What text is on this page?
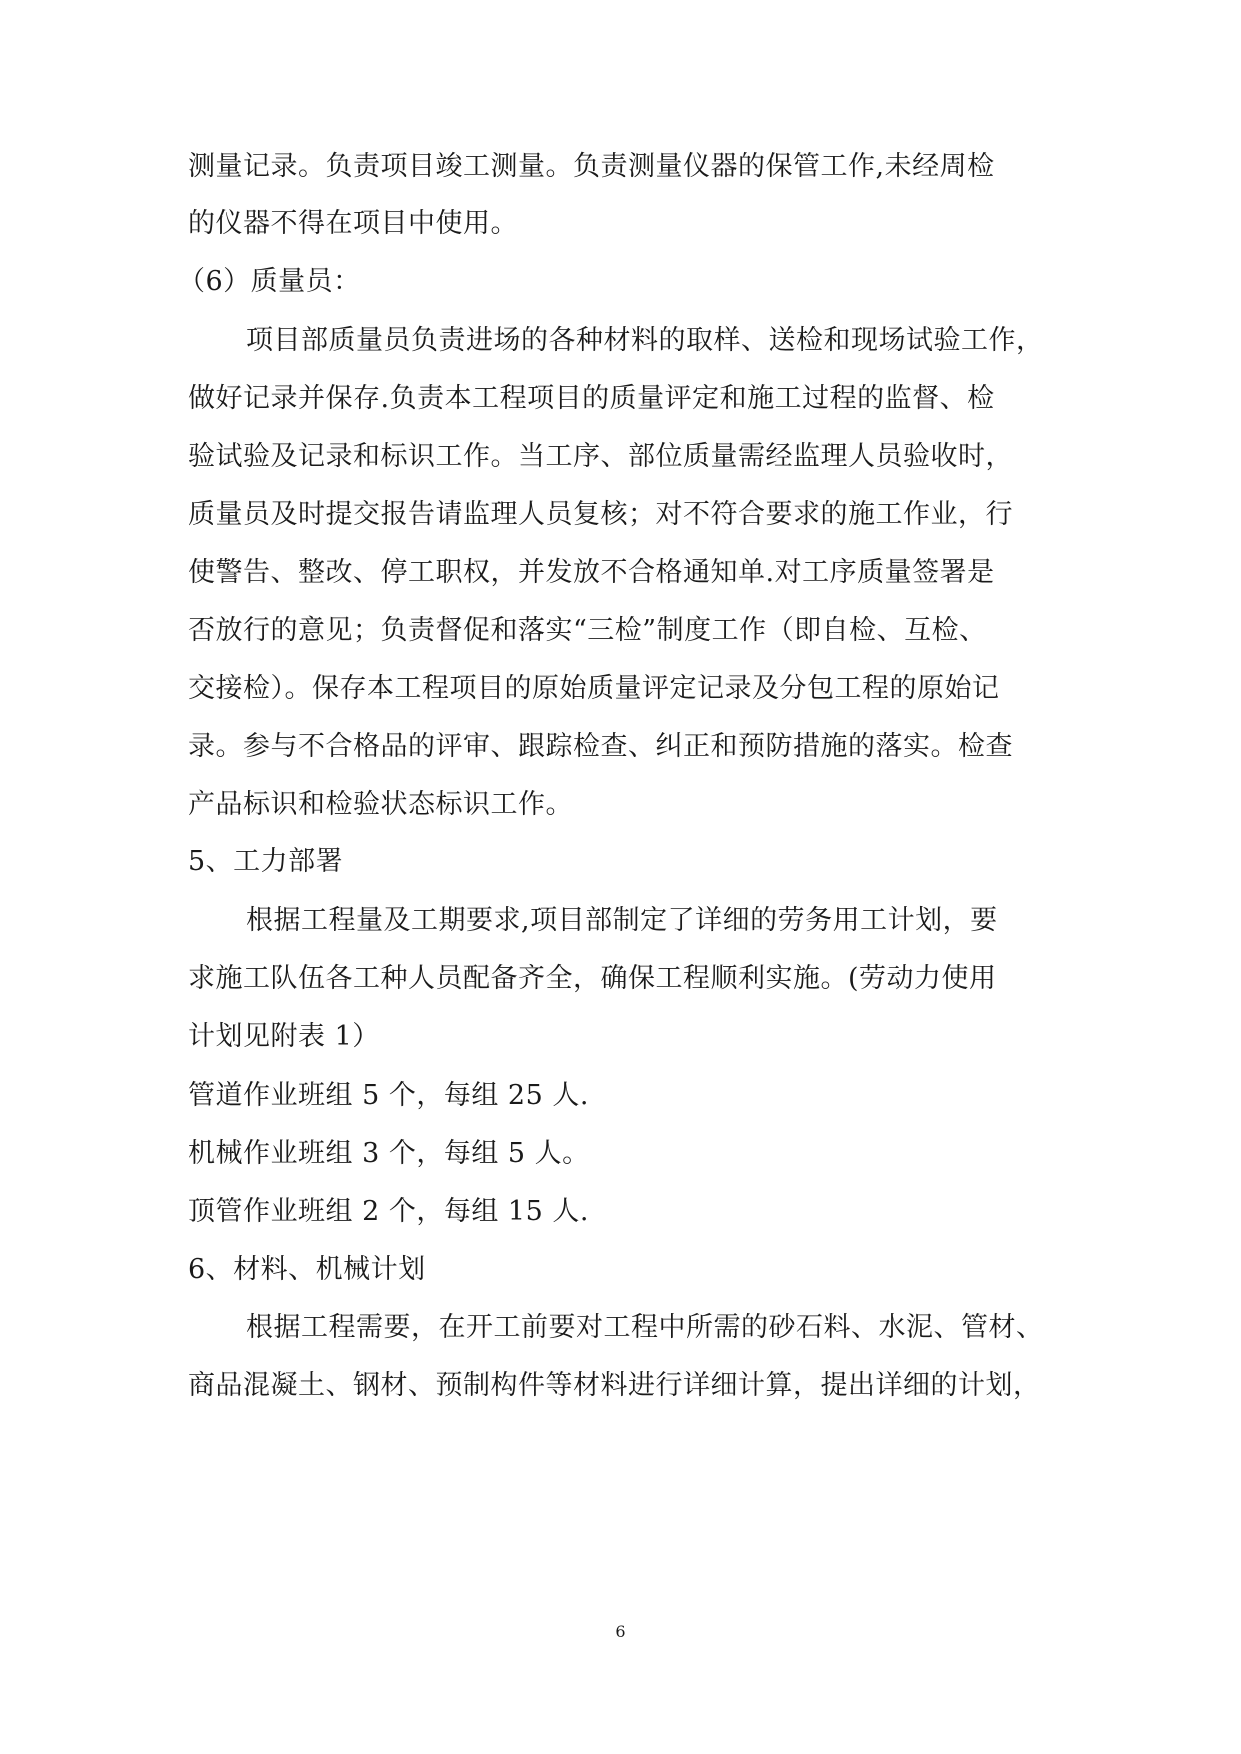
测量记录。负责项目竣工测量。负责测量仪器的保管工作,未经周检
的仪器不得在项目中使用。
（6）质量员：
项目部质量员负责进场的各种材料的取样、送检和现场试验工作，
做好记录并保存.负责本工程项目的质量评定和施工过程的监督、检
验试验及记录和标识工作。当工序、部位质量需经监理人员验收时，
质量员及时提交报告请监理人员复核；对不符合要求的施工作业，行
使警告、整改、停工职权，并发放不合格通知单.对工序质量签署是
否放行的意见；负责督促和落实“三检”制度工作（即自检、互检、
交接检）。保存本工程项目的原始质量评定记录及分包工程的原始记
录。参与不合格品的评审、跟踪检查、纠正和预防措施的落实。检查
产品标识和检验状态标识工作。
5、工力部署
根据工程量及工期要求,项目部制定了详细的劳务用工计划，要
求施工队伍各工种人员配备齐全，确保工程顺利实施。(劳动力使用
计划见附表 1）
管道作业班组 5 个，每组 25 人.
机械作业班组 3 个，每组 5 人。
顶管作业班组 2 个，每组 15 人.
6、材料、机械计划
根据工程需要，在开工前要对工程中所需的砂石料、水泥、管材、
商品混凝土、钢材、预制构件等材料进行详细计算，提出详细的计划，
6
